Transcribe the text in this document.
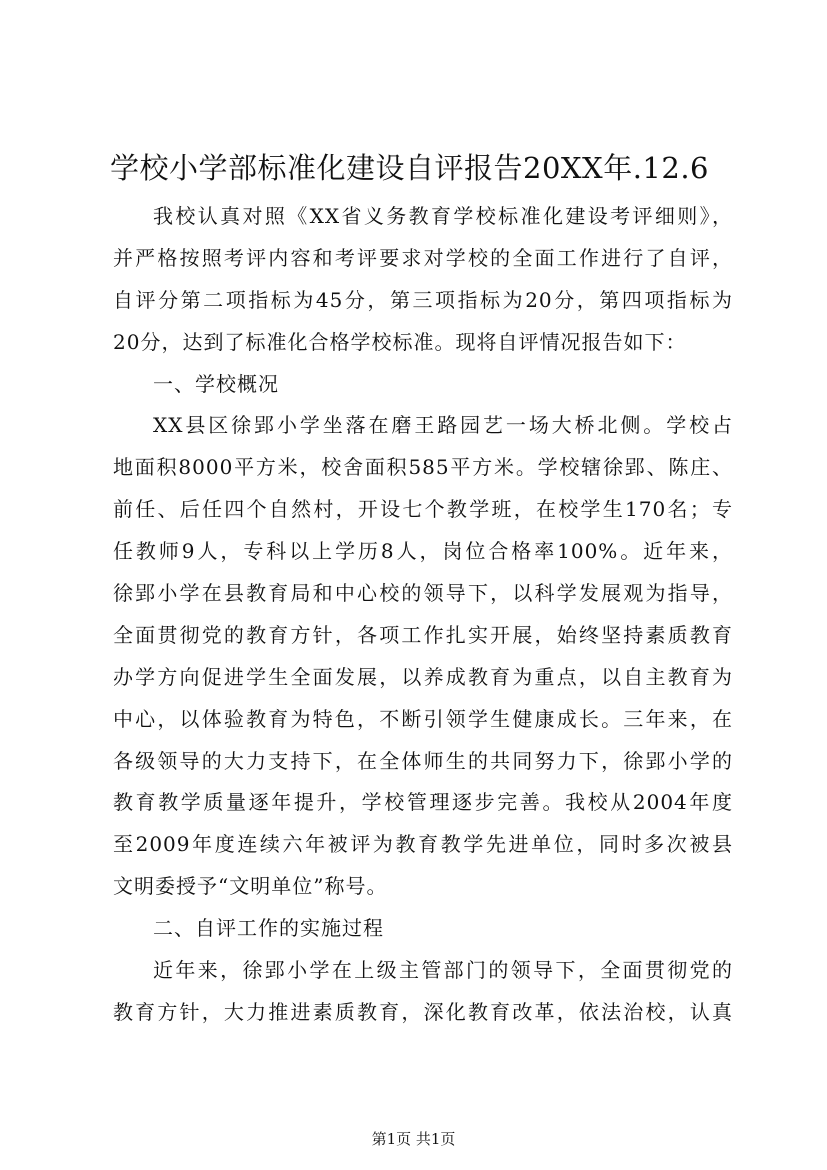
学校小学部标准化建设自评报告20XX年.12.6
我校认真对照《XX省义务教育学校标准化建设考评细则》，
并严格按照考评内容和考评要求对学校的全面工作进行了自评，
自评分第二项指标为45分，第三项指标为20分，第四项指标为
20分，达到了标准化合格学校标准。现将自评情况报告如下：
一、学校概况
XX县区徐郢小学坐落在磨王路园艺一场大桥北侧。学校占
地面积8000平方米，校舍面积585平方米。学校辖徐郢、陈庄、
前任、后任四个自然村，开设七个教学班，在校学生170名；专
任教师9人，专科以上学历8人，岗位合格率100%。近年来，
徐郢小学在县教育局和中心校的领导下，以科学发展观为指导，
全面贯彻党的教育方针，各项工作扎实开展，始终坚持素质教育
办学方向促进学生全面发展，以养成教育为重点，以自主教育为
中心，以体验教育为特色，不断引领学生健康成长。三年来，在
各级领导的大力支持下，在全体师生的共同努力下，徐郢小学的
教育教学质量逐年提升，学校管理逐步完善。我校从2004年度
至2009年度连续六年被评为教育教学先进单位，同时多次被县
文明委授予“文明单位”称号。
二、自评工作的实施过程
近年来，徐郢小学在上级主管部门的领导下，全面贯彻党的
教育方针，大力推进素质教育，深化教育改革，依法治校，认真
第1页 共1页
